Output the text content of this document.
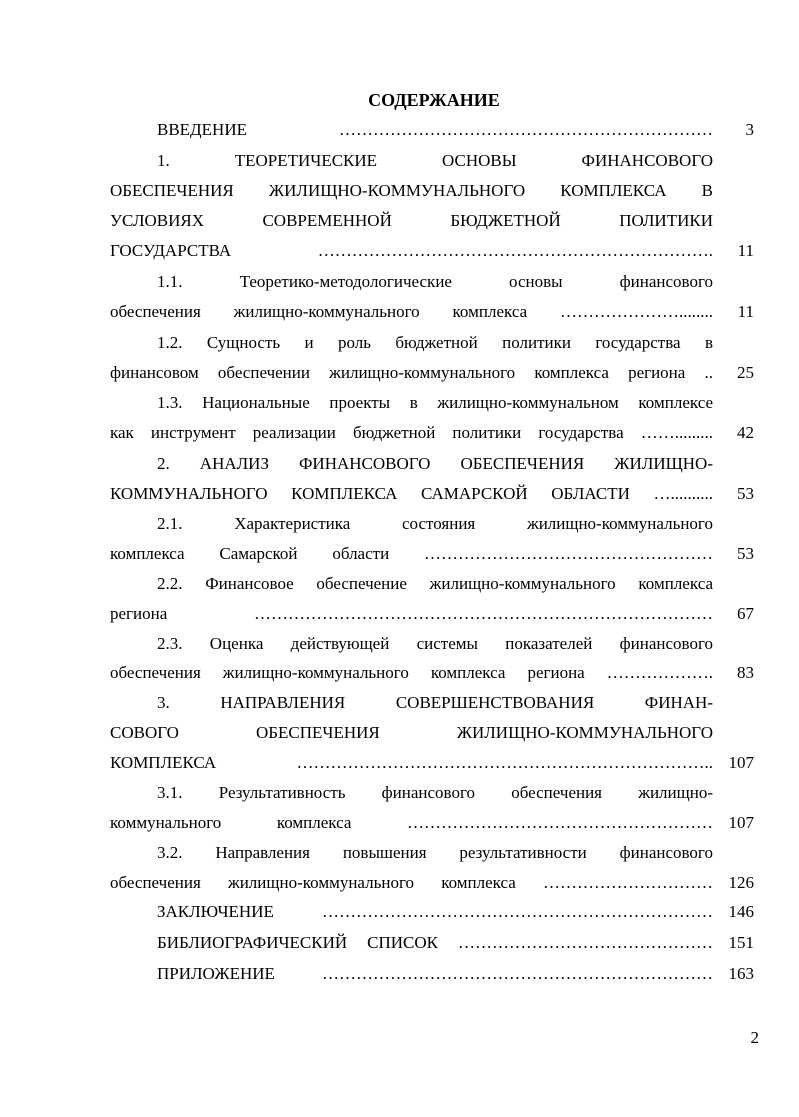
СОДЕРЖАНИЕ
ВВЕДЕНИЕ …………………………………………………………	3
1. ТЕОРЕТИЧЕСКИЕ ОСНОВЫ ФИНАНСОВОГО
ОБЕСПЕЧЕНИЯ ЖИЛИЩНО-КОММУНАЛЬНОГО КОМПЛЕКСА В
УСЛОВИЯХ СОВРЕМЕННОЙ БЮДЖЕТНОЙ ПОЛИТИКИ
ГОСУДАРСТВА …………………………………………………………….	11
1.1. Теоретико-методологические основы финансового
обеспечения жилищно-коммунального комплекса …………………........	11
1.2. Сущность и роль бюджетной политики государства в
финансовом обеспечении жилищно-коммунального комплекса региона ..	25
1.3. Национальные проекты в жилищно-коммунальном комплексе
как инструмент реализации бюджетной политики государства …….........	42
2. АНАЛИЗ ФИНАНСОВОГО ОБЕСПЕЧЕНИЯ ЖИЛИЩНО-
КОММУНАЛЬНОГО КОМПЛЕКСА САМАРСКОЙ ОБЛАСТИ …..........	53
2.1. Характеристика состояния жилищно-коммунального
комплекса Самарской области ……………………………………………	53
2.2. Финансовое обеспечение жилищно-коммунального комплекса
региона ………………………………………………………………………	67
2.3. Оценка действующей системы показателей финансового
обеспечения жилищно-коммунального комплекса региона ……………….	83
3. НАПРАВЛЕНИЯ СОВЕРШЕНСТВОВАНИЯ ФИНАН-
СОВОГО ОБЕСПЕЧЕНИЯ ЖИЛИЩНО-КОММУНАЛЬНОГО
КОМПЛЕКСА ……………………………………………………………….. 107
3.1. Результативность финансового обеспечения жилищно-
коммунального комплекса ……………………………………………… 107
3.2. Направления повышения результативности финансового
обеспечения жилищно-коммунального комплекса ………………………… 126
ЗАКЛЮЧЕНИЕ …………………………………………………………… 146
БИБЛИОГРАФИЧЕСКИЙ СПИСОК ……………………………………… 151
ПРИЛОЖЕНИЕ …………………………………………………………… 163
2
